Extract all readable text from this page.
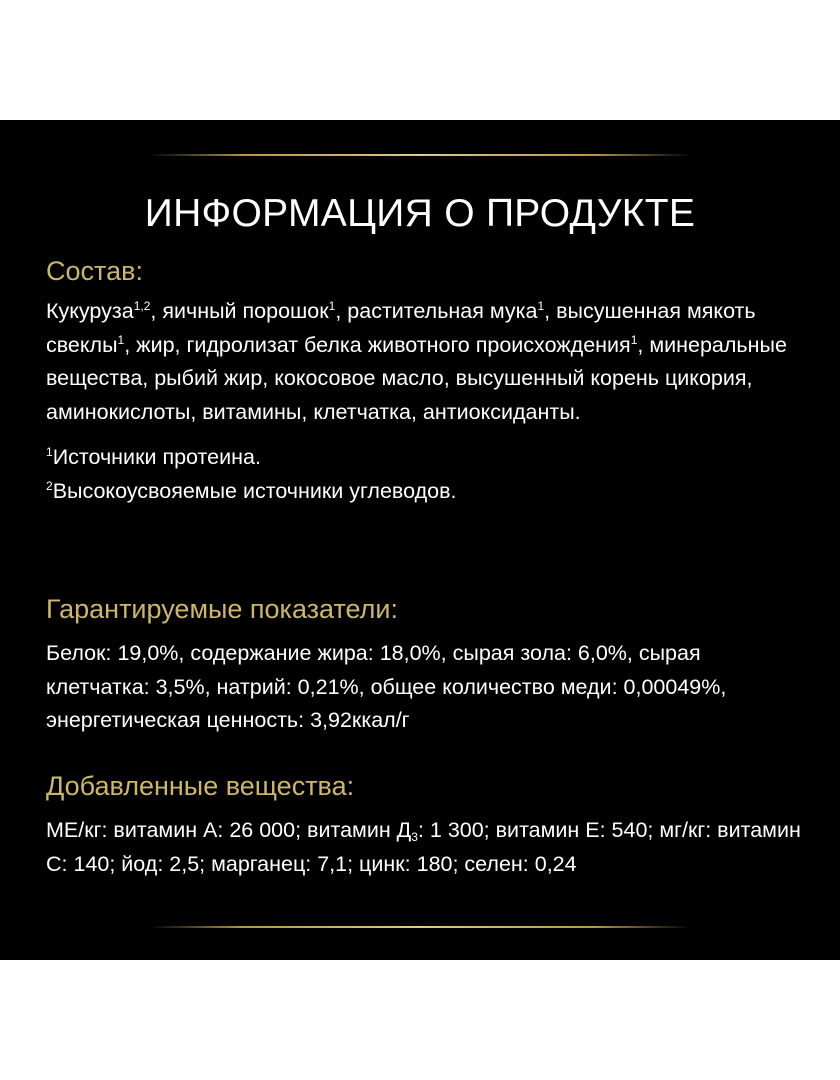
ИНФОРМАЦИЯ О ПРОДУКТЕ
Состав:

Кукуруза$^{1,2}$, яичный порошок$^1$, растительная мука$^1$, высушенная мякоть свеклы$^1$, жир, гидролизат белка животного происхождения$^1$, минеральные вещества, рыбий жир, кокосовое масло, высушенный корень цикория, аминокислоты, витамины, клетчатка, антиоксиданты.

$^1$Источники протеина.
$^2$Высокоусвояемые источники углеводов.

Гарантируемые показатели:

Белок: 19,0%, содержание жира: 18,0%, сырая зола: 6,0%, сырая клетчатка: 3,5%, натрий: 0,21%, общее количество меди: 0,00049%, энергетическая ценность: 3,92ккал/г

Добавленные вещества:

МЕ/кг: витамин А: 26 000; витамин $Д_3$: 1 300; витамин Е: 540; мг/кг: витамин С: 140; йод: 2,5; марганец: 7,1; цинк: 180; селен: 0,24
